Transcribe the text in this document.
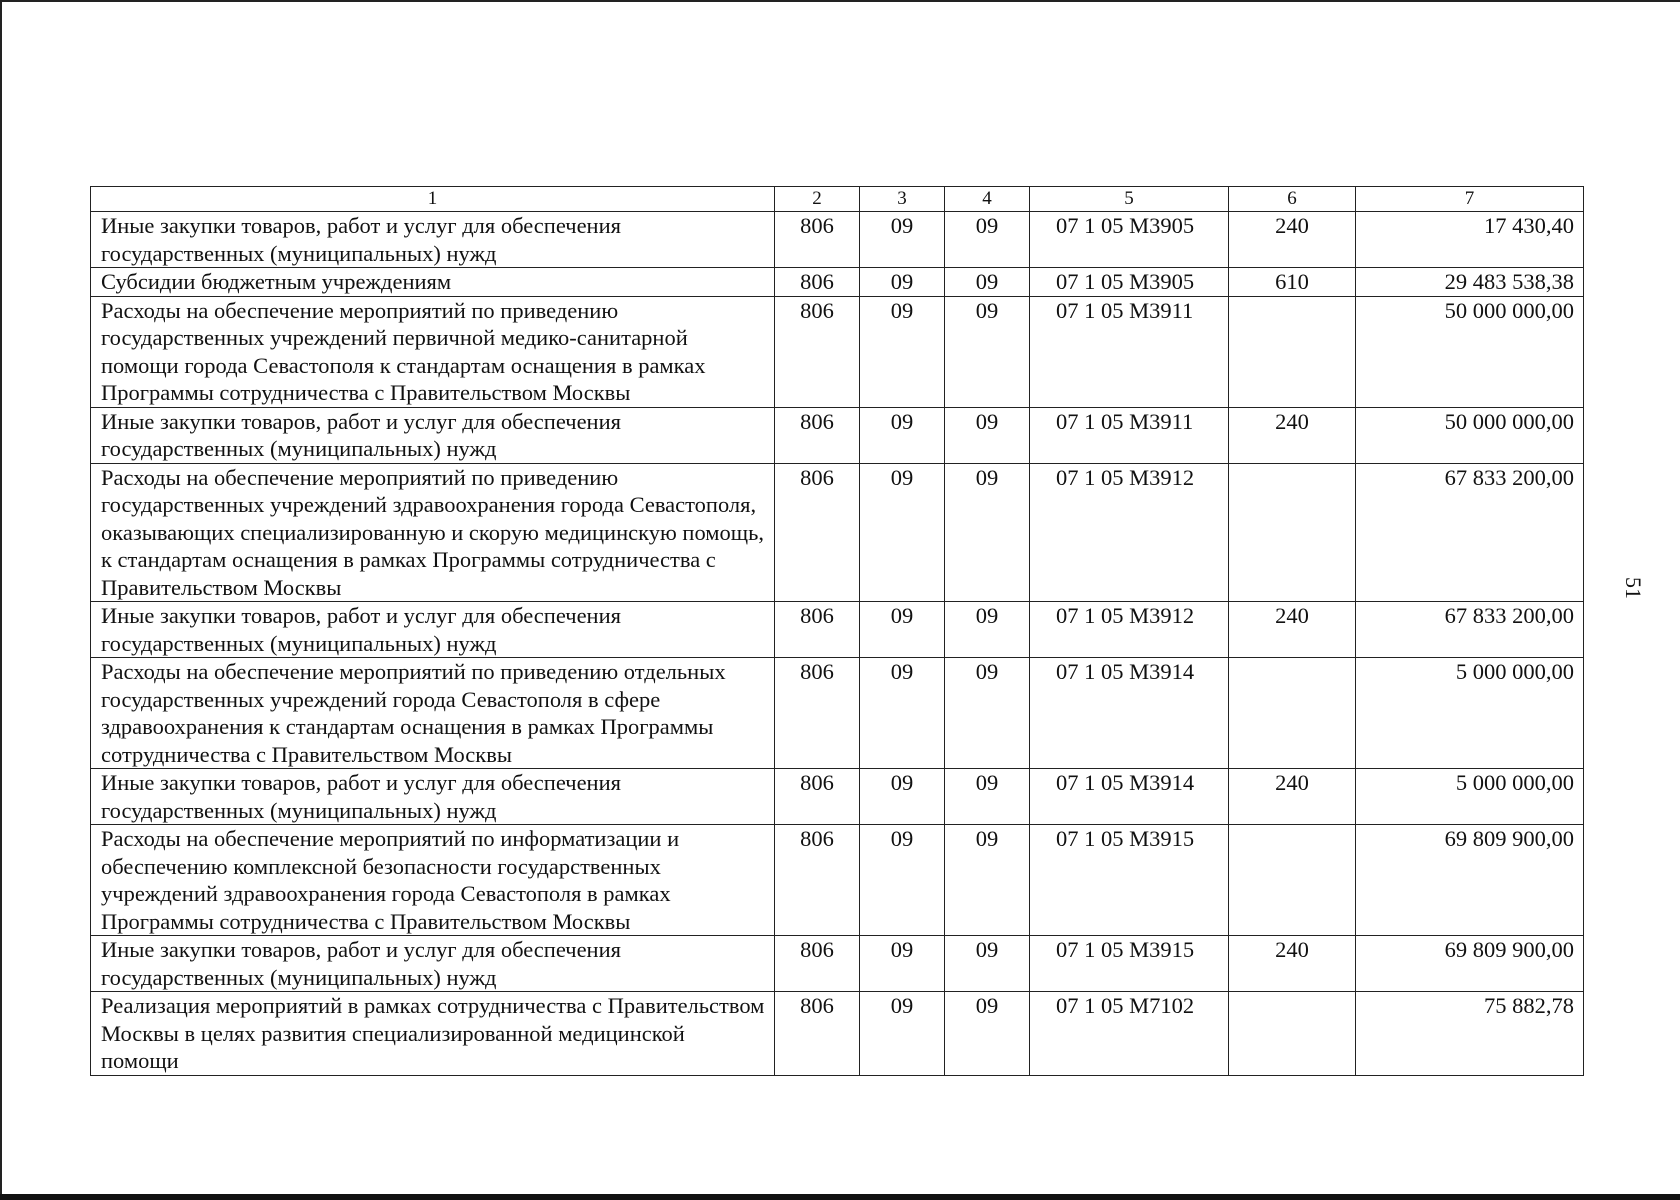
51
1	2	3	4	5	6	7
Иные закупки товаров, работ и услуг для обеспечения государственных (муниципальных) нужд	806	09	09	07 1 05 М3905	240	17 430,40
Субсидии бюджетным учреждениям	806	09	09	07 1 05 М3905	610	29 483 538,38
Расходы на обеспечение мероприятий по приведению государственных учреждений первичной медико-санитарной помощи города Севастополя к стандартам оснащения в рамках Программы сотрудничества с Правительством Москвы	806	09	09	07 1 05 М3911		50 000 000,00
Иные закупки товаров, работ и услуг для обеспечения государственных (муниципальных) нужд	806	09	09	07 1 05 М3911	240	50 000 000,00
Расходы на обеспечение мероприятий по приведению государственных учреждений здравоохранения города Севастополя, оказывающих специализированную и скорую медицинскую помощь, к стандартам оснащения в рамках Программы сотрудничества с Правительством Москвы	806	09	09	07 1 05 М3912		67 833 200,00
Иные закупки товаров, работ и услуг для обеспечения государственных (муниципальных) нужд	806	09	09	07 1 05 М3912	240	67 833 200,00
Расходы на обеспечение мероприятий по приведению отдельных государственных учреждений города Севастополя в сфере здравоохранения к стандартам оснащения в рамках Программы сотрудничества с Правительством Москвы	806	09	09	07 1 05 М3914		5 000 000,00
Иные закупки товаров, работ и услуг для обеспечения государственных (муниципальных) нужд	806	09	09	07 1 05 М3914	240	5 000 000,00
Расходы на обеспечение мероприятий по информатизации и обеспечению комплексной безопасности государственных учреждений здравоохранения города Севастополя в рамках Программы сотрудничества с Правительством Москвы	806	09	09	07 1 05 М3915		69 809 900,00
Иные закупки товаров, работ и услуг для обеспечения государственных (муниципальных) нужд	806	09	09	07 1 05 М3915	240	69 809 900,00
Реализация мероприятий в рамках сотрудничества с Правительством Москвы в целях развития специализированной медицинской помощи	806	09	09	07 1 05 М7102		75 882,78
